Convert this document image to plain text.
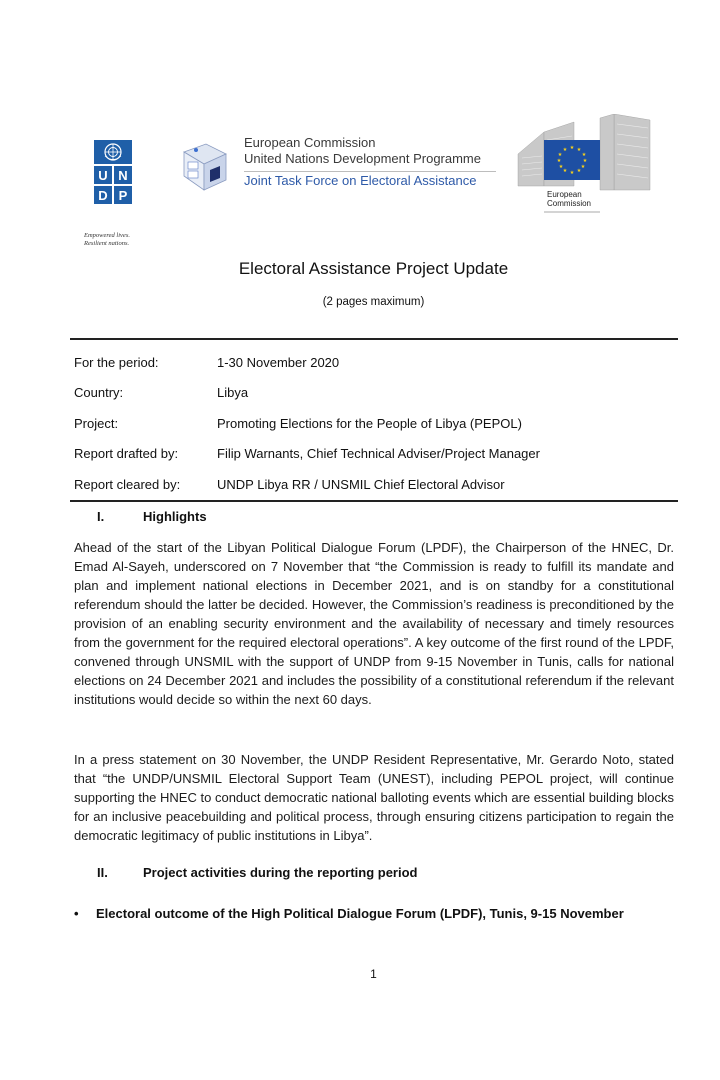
U N
D P
Empowered lives.
Resilient nations.
European Commission
United Nations Development Programme
Joint Task Force on Electoral Assistance
★ ★
★
★
★
★
★
★
★
★
★
★
European
Commission
Electoral Assistance Project Update
(2 pages maximum)
For the period:	1-30 November 2020
Country:	Libya
Project:	Promoting Elections for the People of Libya (PEPOL)
Report drafted by:	Filip Warnants, Chief Technical Adviser/Project Manager
Report cleared by:	UNDP Libya RR / UNSMIL Chief Electoral Advisor
I.	Highlights
Ahead of the start of the Libyan Political Dialogue Forum (LPDF), the Chairperson of the HNEC, Dr. Emad Al-Sayeh, underscored on 7 November that “the Commission is ready to fulfill its mandate and plan and implement national elections in December 2021, and is on standby for a constitutional referendum should the latter be decided. However, the Commission’s readiness is preconditioned by the provision of an enabling security environment and the availability of necessary and timely resources from the government for the required electoral operations”. A key outcome of the first round of the LPDF, convened through UNSMIL with the support of UNDP from 9-15 November in Tunis, calls for national elections on 24 December 2021 and includes the possibility of a constitutional referendum if the relevant institutions would decide so within the next 60 days.
In a press statement on 30 November, the UNDP Resident Representative, Mr. Gerardo Noto, stated that “the UNDP/UNSMIL Electoral Support Team (UNEST), including PEPOL project, will continue supporting the HNEC to conduct democratic national balloting events which are essential building blocks for an inclusive peacebuilding and political process, through ensuring citizens participation to regain the democratic legitimacy of public institutions in Libya”.
II.	Project activities during the reporting period
• Electoral outcome of the High Political Dialogue Forum (LPDF), Tunis, 9-15 November
1
